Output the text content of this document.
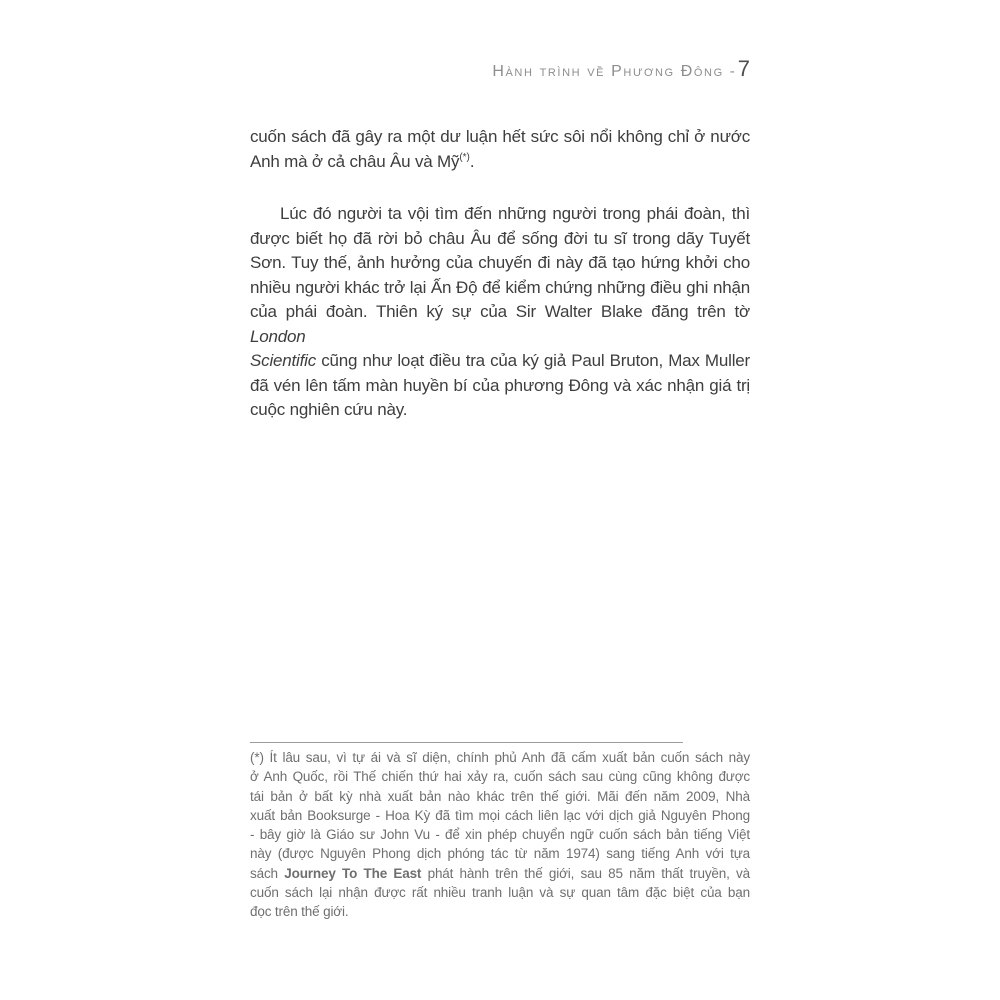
Hành trình về Phương Đông - 7
cuốn sách đã gây ra một dư luận hết sức sôi nổi không chỉ ở nước
Anh mà ở cả châu Âu và Mỹ(*).
Lúc đó người ta vội tìm đến những người trong phái đoàn, thì
được biết họ đã rời bỏ châu Âu để sống đời tu sĩ trong dãy Tuyết
Sơn. Tuy thế, ảnh hưởng của chuyến đi này đã tạo hứng khởi cho
nhiều người khác trở lại Ấn Độ để kiểm chứng những điều ghi nhận
của phái đoàn. Thiên ký sự của Sir Walter Blake đăng trên tờ London
Scientific cũng như loạt điều tra của ký giả Paul Bruton, Max Muller
đã vén lên tấm màn huyền bí của phương Đông và xác nhận giá trị
cuộc nghiên cứu này.
(*) Ít lâu sau, vì tự ái và sĩ diện, chính phủ Anh đã cấm xuất bản cuốn sách này
ở Anh Quốc, rồi Thế chiến thứ hai xảy ra, cuốn sách sau cùng cũng không được
tái bản ở bất kỳ nhà xuất bản nào khác trên thế giới. Mãi đến năm 2009, Nhà
xuất bản Booksurge - Hoa Kỳ đã tìm mọi cách liên lạc với dịch giả Nguyên Phong
- bây giờ là Giáo sư John Vu - để xin phép chuyển ngữ cuốn sách bản tiếng Việt
này (được Nguyên Phong dịch phóng tác từ năm 1974) sang tiếng Anh với tựa
sách Journey To The East phát hành trên thế giới, sau 85 năm thất truyền, và
cuốn sách lại nhận được rất nhiều tranh luận và sự quan tâm đặc biệt của bạn
đọc trên thế giới.
